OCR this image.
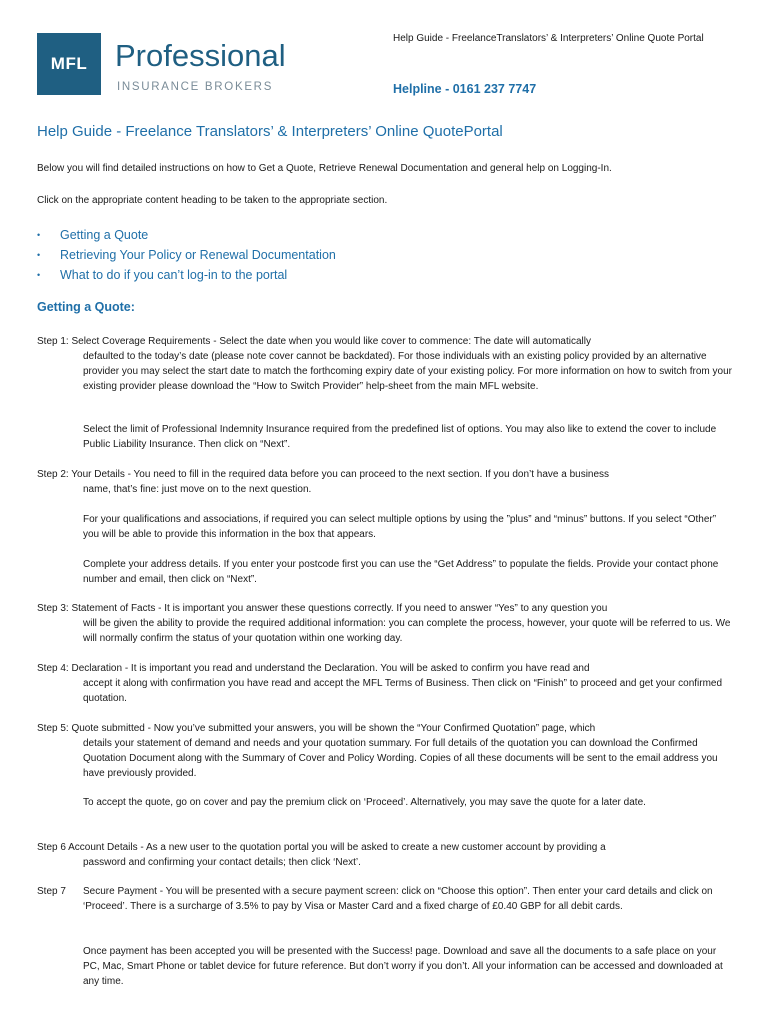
MFL Professional
INSURANCE BROKERS
Help Guide - FreelanceTranslators’ & Interpreters’ Online Quote Portal
Helpline - 0161 237 7747
Help Guide - Freelance Translators’ & Interpreters’ Online QuotePortal
Below you will find detailed instructions on how to Get a Quote, Retrieve Renewal Documentation and general help on Logging-In.
Click on the appropriate content heading to be taken to the appropriate section.
• Getting a Quote
• Retrieving Your Policy or Renewal Documentation
• What to do if you can’t log-in to the portal
Getting a Quote:
Step 1: Select Coverage Requirements - Select the date when you would like cover to commence: The date will automatically
defaulted to the today’s date (please note cover cannot be backdated). For those individuals with an existing policy provided by an alternative provider you may select the start date to match the forthcoming expiry date of your existing policy. For more information on how to switch from your existing provider please download the “How to Switch Provider” help-sheet from the main MFL website.
Select the limit of Professional Indemnity Insurance required from the predefined list of options. You may also like to extend the cover to include Public Liability Insurance. Then click on “Next”.
Step 2: Your Details - You need to fill in the required data before you can proceed to the next section. If you don’t have a business
name, that’s fine: just move on to the next question.
For your qualifications and associations, if required you can select multiple options by using the ”plus” and “minus” buttons. If you select “Other” you will be able to provide this information in the box that appears.
Complete your address details. If you enter your postcode first you can use the “Get Address” to populate the fields. Provide your contact phone number and email, then click on “Next”.
Step 3: Statement of Facts - It is important you answer these questions correctly. If you need to answer “Yes” to any question you
will be given the ability to provide the required additional information: you can complete the process, however, your quote will be referred to us. We will normally confirm the status of your quotation within one working day.
Step 4: Declaration - It is important you read and understand the Declaration. You will be asked to confirm you have read and
accept it along with confirmation you have read and accept the MFL Terms of Business. Then click on “Finish” to proceed and get your confirmed quotation.
Step 5: Quote submitted - Now you’ve submitted your answers, you will be shown the “Your Confirmed Quotation” page, which
details your statement of demand and needs and your quotation summary. For full details of the quotation you can download the Confirmed Quotation Document along with the Summary of Cover and Policy Wording. Copies of all these documents will be sent to the email address you have previously provided.
To accept the quote, go on cover and pay the premium click on ‘Proceed’. Alternatively, you may save the quote for a later date.
Step 6 Account Details - As a new user to the quotation portal you will be asked to create a new customer account by providing a
password and confirming your contact details; then click ‘Next’.
Step 7 Secure Payment - You will be presented with a secure payment screen: click on “Choose this option”. Then enter your card details and click on ‘Proceed’. There is a surcharge of 3.5% to pay by Visa or Master Card and a fixed charge of £0.40 GBP for all debit cards.
Once payment has been accepted you will be presented with the Success! page. Download and save all the documents to a safe place on your PC, Mac, Smart Phone or tablet device for future reference. But don’t worry if you don’t. All your information can be accessed and downloaded at any time.
